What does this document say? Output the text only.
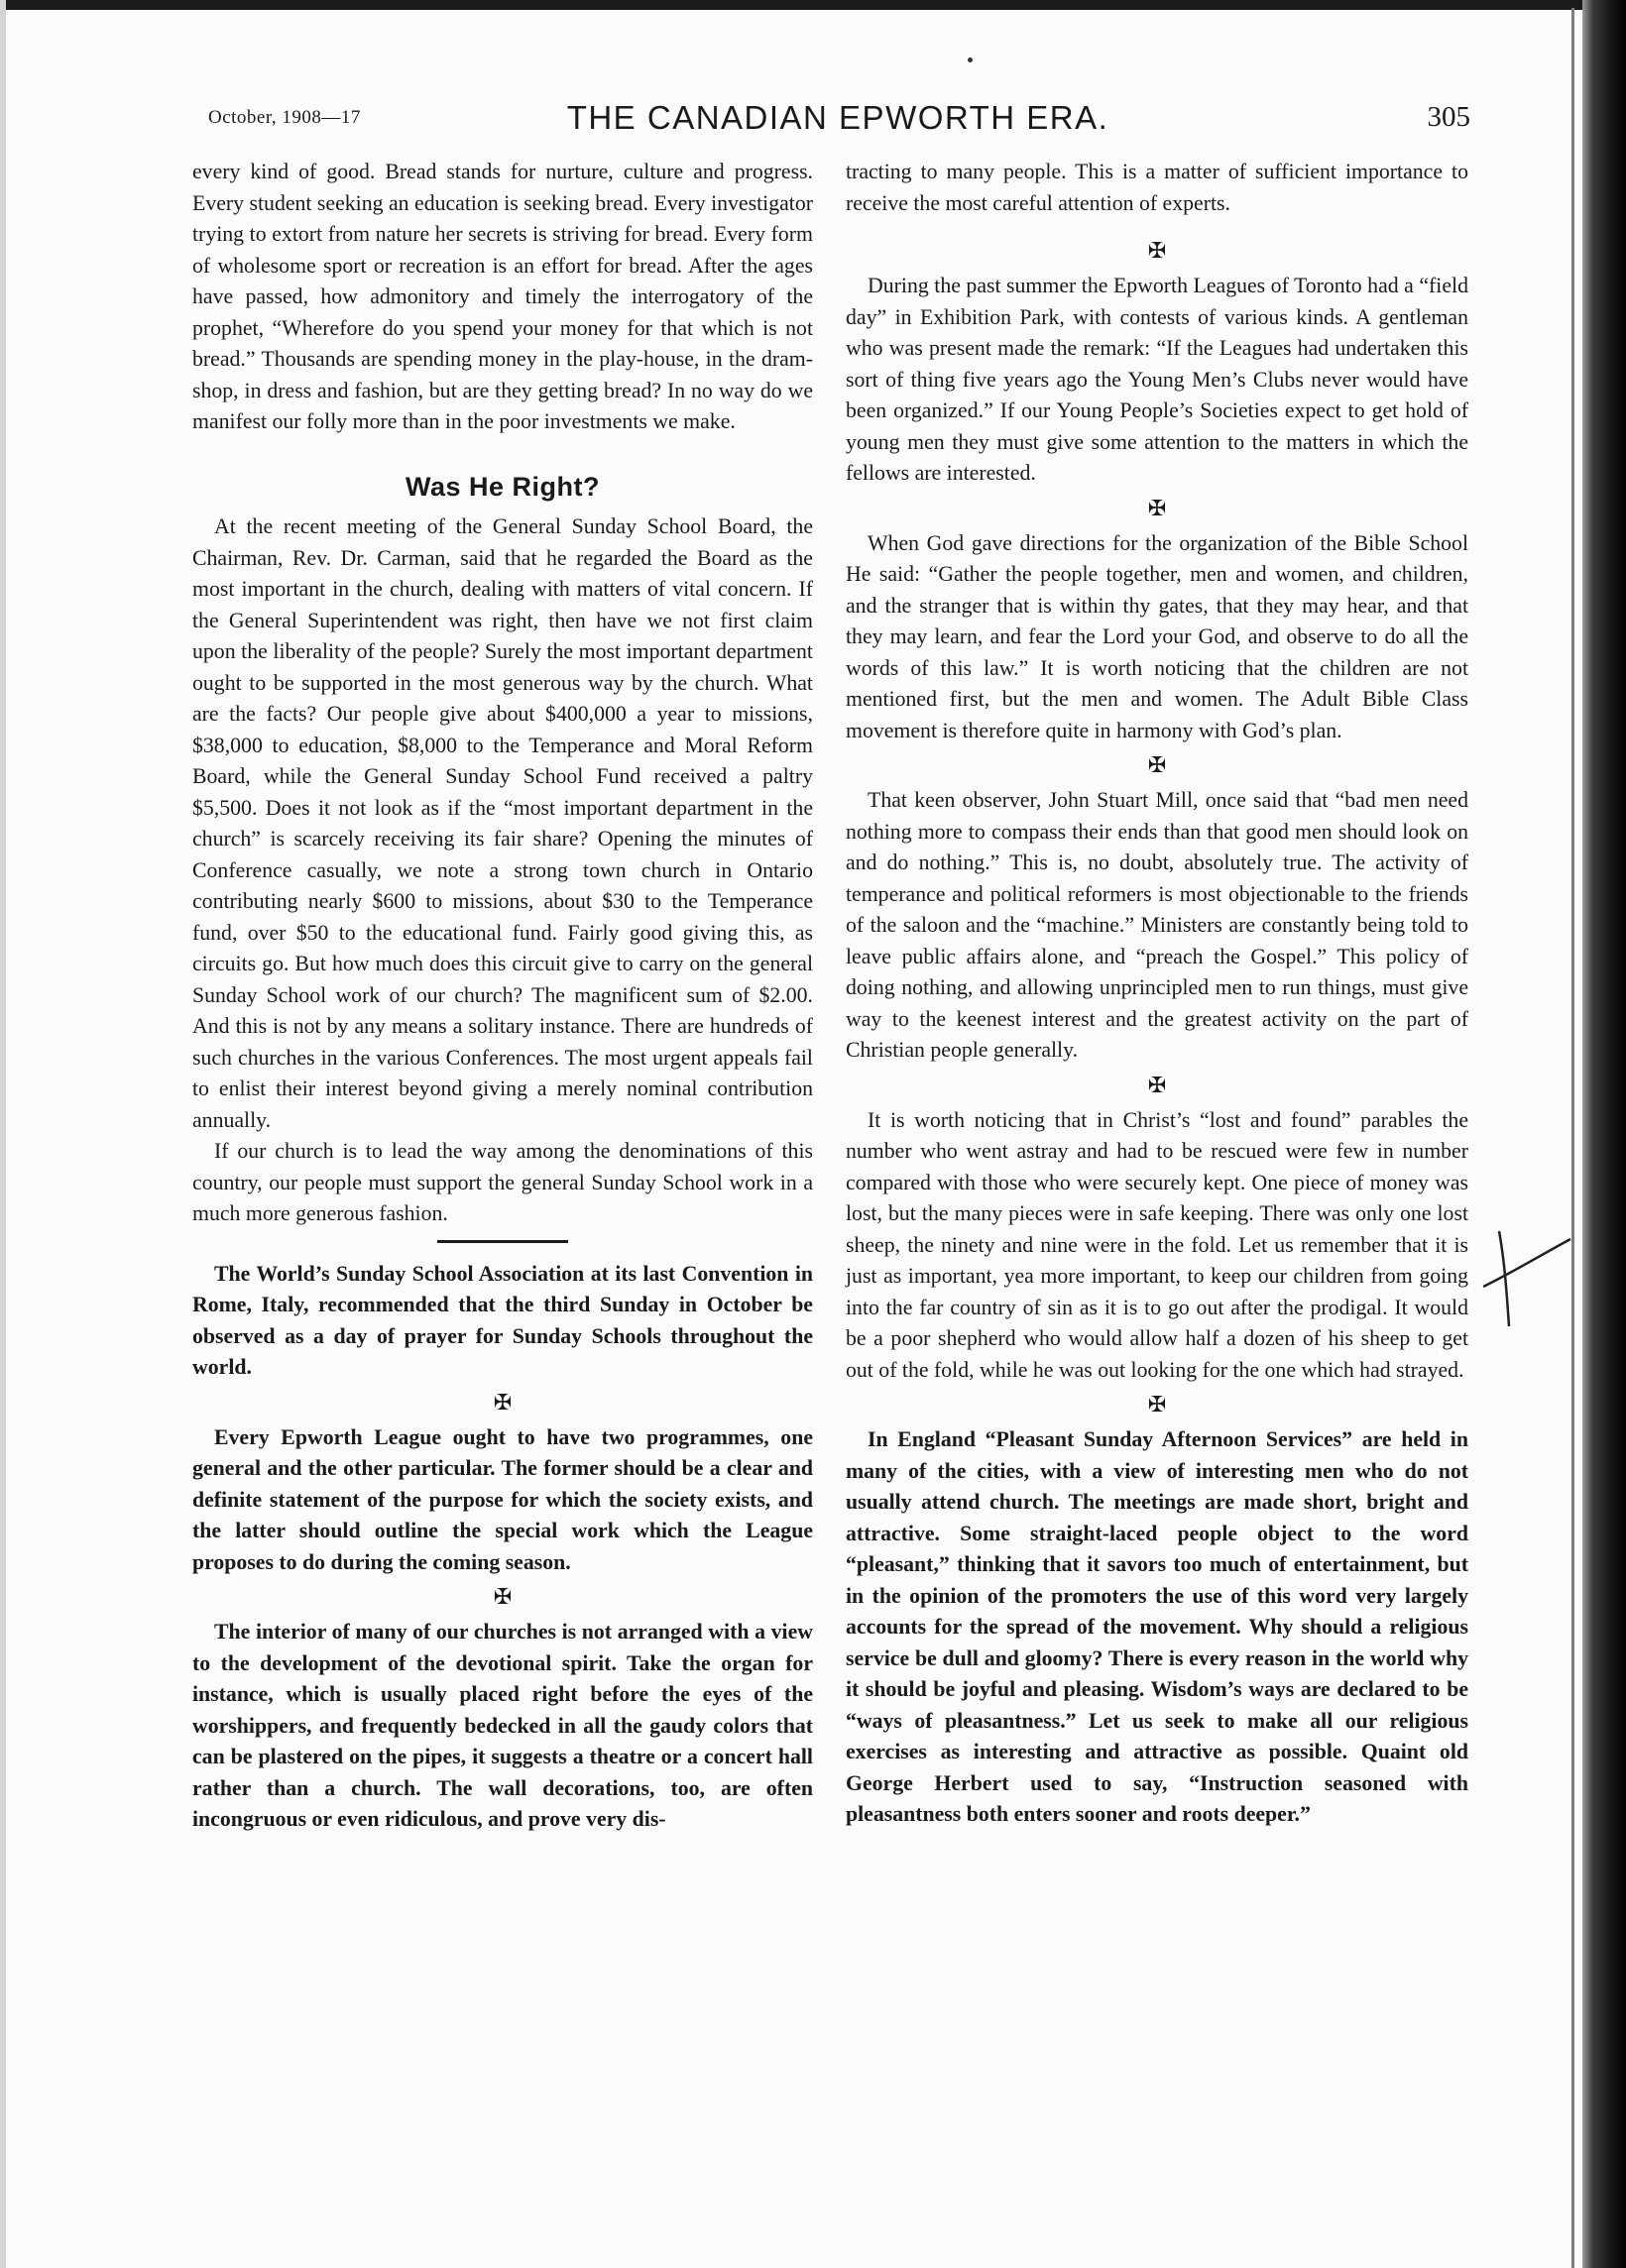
October, 1908—17	THE CANADIAN EPWORTH ERA.	305

every kind of good. Bread stands for nurture, culture and progress. Every student seeking an education is seeking bread. Every investigator trying to extort from nature her secrets is striving for bread. Every form of wholesome sport or recreation is an effort for bread. After the ages have passed, how admonitory and timely the interrogatory of the prophet, “Wherefore do you spend your money for that which is not bread.” Thousands are spending money in the play-house, in the dram-shop, in dress and fashion, but are they getting bread? In no way do we manifest our folly more than in the poor investments we make.

Was He Right?

At the recent meeting of the General Sunday School Board, the Chairman, Rev. Dr. Carman, said that he regarded the Board as the most important in the church, dealing with matters of vital concern. If the General Superintendent was right, then have we not first claim upon the liberality of the people? Surely the most important department ought to be supported in the most generous way by the church. What are the facts? Our people give about $400,000 a year to missions, $38,000 to education, $8,000 to the Temperance and Moral Reform Board, while the General Sunday School Fund received a paltry $5,500. Does it not look as if the “most important department in the church” is scarcely receiving its fair share? Opening the minutes of Conference casually, we note a strong town church in Ontario contributing nearly $600 to missions, about $30 to the Temperance fund, over $50 to the educational fund. Fairly good giving this, as circuits go. But how much does this circuit give to carry on the general Sunday School work of our church? The magnificent sum of $2.00. And this is not by any means a solitary instance. There are hundreds of such churches in the various Conferences. The most urgent appeals fail to enlist their interest beyond giving a merely nominal contribution annually.

If our church is to lead the way among the denominations of this country, our people must support the general Sunday School work in a much more generous fashion.

The World’s Sunday School Association at its last Convention in Rome, Italy, recommended that the third Sunday in October be observed as a day of prayer for Sunday Schools throughout the world.

✠

Every Epworth League ought to have two programmes, one general and the other particular. The former should be a clear and definite statement of the purpose for which the society exists, and the latter should outline the special work which the League proposes to do during the coming season.

✠

The interior of many of our churches is not arranged with a view to the development of the devotional spirit. Take the organ for instance, which is usually placed right before the eyes of the worshippers, and frequently bedecked in all the gaudy colors that can be plastered on the pipes, it suggests a theatre or a concert hall rather than a church. The wall decorations, too, are often incongruous or even ridiculous, and prove very dis-

tracting to many people. This is a matter of sufficient importance to receive the most careful attention of experts.

✠

During the past summer the Epworth Leagues of Toronto had a “field day” in Exhibition Park, with contests of various kinds. A gentleman who was present made the remark: “If the Leagues had undertaken this sort of thing five years ago the Young Men’s Clubs never would have been organized.” If our Young People’s Societies expect to get hold of young men they must give some attention to the matters in which the fellows are interested.

✠

When God gave directions for the organization of the Bible School He said: “Gather the people together, men and women, and children, and the stranger that is within thy gates, that they may hear, and that they may learn, and fear the Lord your God, and observe to do all the words of this law.” It is worth noticing that the children are not mentioned first, but the men and women. The Adult Bible Class movement is therefore quite in harmony with God’s plan.

✠

That keen observer, John Stuart Mill, once said that “bad men need nothing more to compass their ends than that good men should look on and do nothing.” This is, no doubt, absolutely true. The activity of temperance and political reformers is most objectionable to the friends of the saloon and the “machine.” Ministers are constantly being told to leave public affairs alone, and “preach the Gospel.” This policy of doing nothing, and allowing unprincipled men to run things, must give way to the keenest interest and the greatest activity on the part of Christian people generally.

✠

It is worth noticing that in Christ’s “lost and found” parables the number who went astray and had to be rescued were few in number compared with those who were securely kept. One piece of money was lost, but the many pieces were in safe keeping. There was only one lost sheep, the ninety and nine were in the fold. Let us remember that it is just as important, yea more important, to keep our children from going into the far country of sin as it is to go out after the prodigal. It would be a poor shepherd who would allow half a dozen of his sheep to get out of the fold, while he was out looking for the one which had strayed.

✠

In England “Pleasant Sunday Afternoon Services” are held in many of the cities, with a view of interesting men who do not usually attend church. The meetings are made short, bright and attractive. Some straight-laced people object to the word “pleasant,” thinking that it savors too much of entertainment, but in the opinion of the promoters the use of this word very largely accounts for the spread of the movement. Why should a religious service be dull and gloomy? There is every reason in the world why it should be joyful and pleasing. Wisdom’s ways are declared to be “ways of pleasantness.” Let us seek to make all our religious exercises as interesting and attractive as possible. Quaint old George Herbert used to say, “Instruction seasoned with pleasantness both enters sooner and roots deeper.”
